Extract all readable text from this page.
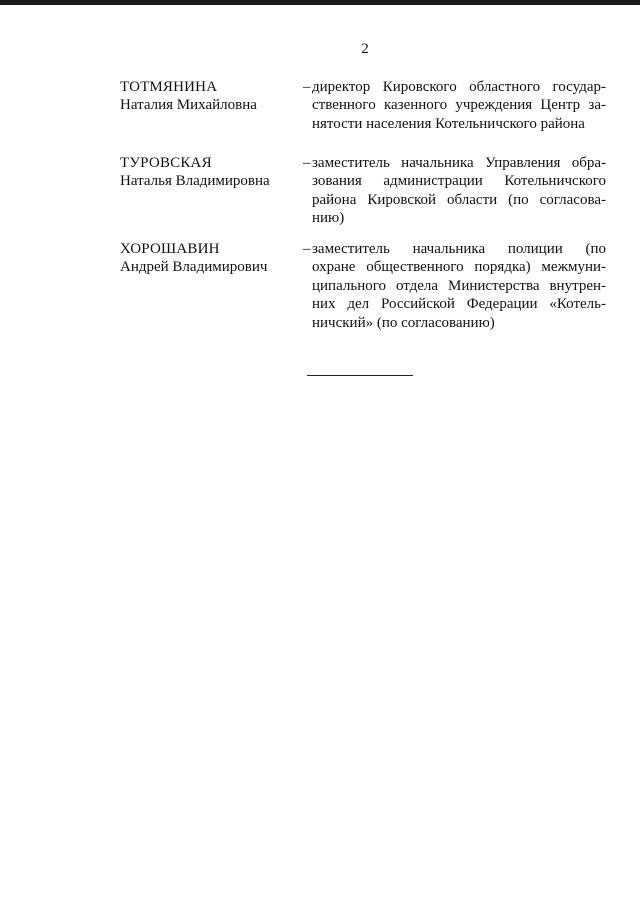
2
ТОТМЯНИНА
Наталия Михайловна
– директор Кировского областного государ-
ственного казенного учреждения Центр за-
нятости населения Котельничского района
ТУРОВСКАЯ
Наталья Владимировна
– заместитель начальника Управления обра-
зования администрации Котельничского
района Кировской области (по согласова-
нию)
ХОРОШАВИН
Андрей Владимирович
– заместитель начальника полиции (по
охране общественного порядка) межмуни-
ципального отдела Министерства внутрен-
них дел Российской Федерации «Котель-
ничский» (по согласованию)
